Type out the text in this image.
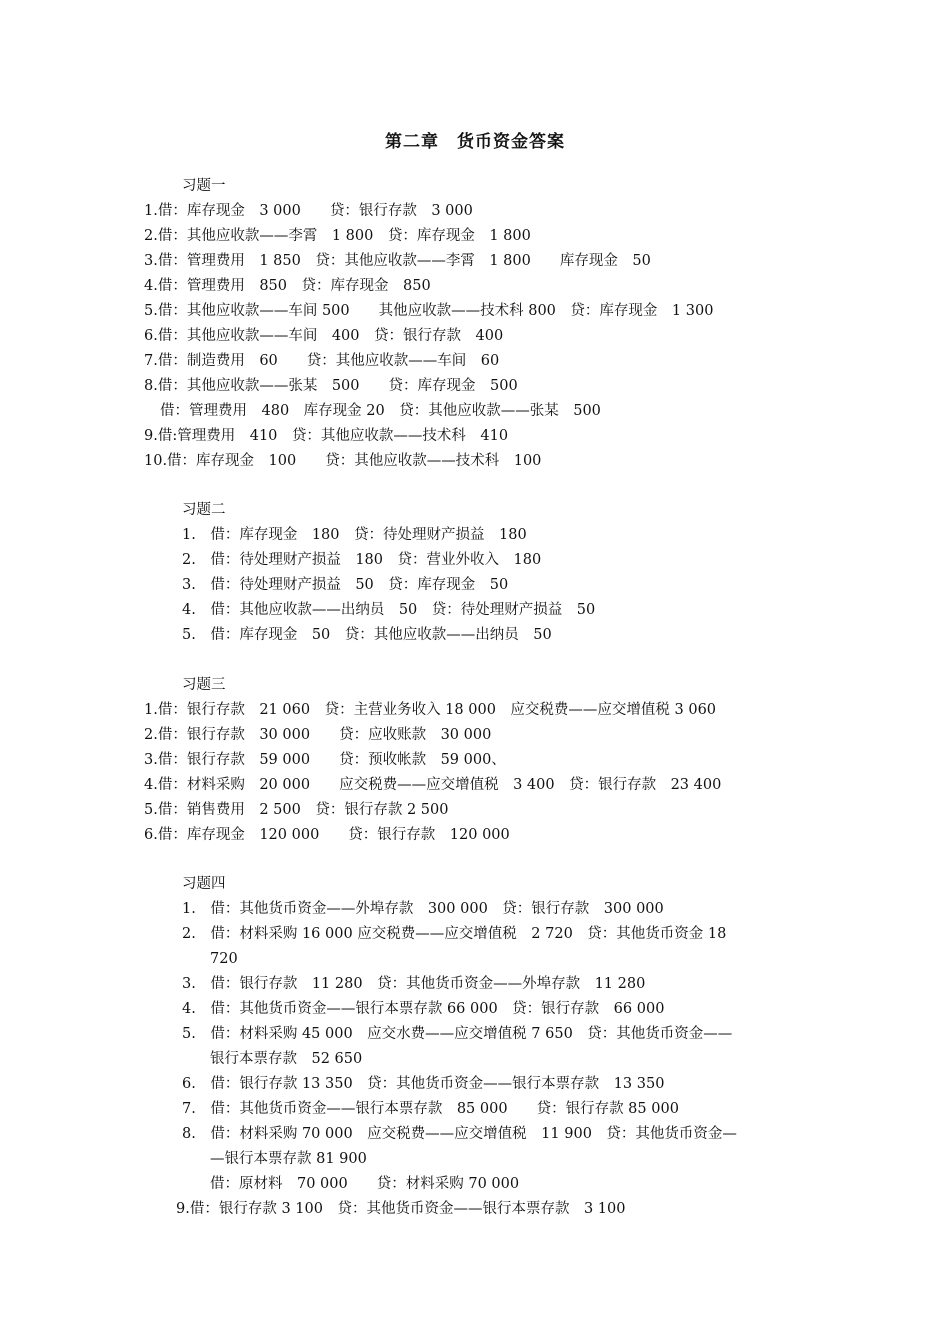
第二章　货币资金答案
习题一
1.借：库存现金　3 000　　贷：银行存款　3 000
2.借：其他应收款——李霄　1 800　贷：库存现金　1 800
3.借：管理费用　1 850　贷：其他应收款——李霄　1 800　　库存现金　50
4.借：管理费用　850　贷：库存现金　850
5.借：其他应收款——车间 500　　其他应收款——技术科 800　贷：库存现金　1 300
6.借：其他应收款——车间　400　贷：银行存款　400
7.借：制造费用　60　　贷：其他应收款——车间　60
8.借：其他应收款——张某　500　　贷：库存现金　500
借：管理费用　480　库存现金 20　贷：其他应收款——张某　500
9.借:管理费用　410　贷：其他应收款——技术科　410
10.借：库存现金　100　　贷：其他应收款——技术科　100
习题二
1.　借：库存现金　180　贷：待处理财产损益　180
2.　借：待处理财产损益　180　贷：营业外收入　180
3.　借：待处理财产损益　50　贷：库存现金　50
4.　借：其他应收款——出纳员　50　贷：待处理财产损益　50
5.　借：库存现金　50　贷：其他应收款——出纳员　50
习题三
1.借：银行存款　21 060　贷：主营业务收入 18 000　应交税费——应交增值税 3 060
2.借：银行存款　30 000　　贷：应收账款　30 000
3.借：银行存款　59 000　　贷：预收帐款　59 000、
4.借：材料采购　20 000　　应交税费——应交增值税　3 400　贷：银行存款　23 400
5.借：销售费用　2 500　贷：银行存款 2 500
6.借：库存现金　120 000　　贷：银行存款　120 000
习题四
1.　借：其他货币资金——外埠存款　300 000　贷：银行存款　300 000
2.　借：材料采购 16 000 应交税费——应交增值税　2 720　贷：其他货币资金 18
720
3.　借：银行存款　11 280　贷：其他货币资金——外埠存款　11 280
4.　借：其他货币资金——银行本票存款 66 000　贷：银行存款　66 000
5.　借：材料采购 45 000　应交水费——应交增值税 7 650　贷：其他货币资金——
银行本票存款　52 650
6.　借：银行存款 13 350　贷：其他货币资金——银行本票存款　13 350
7.　借：其他货币资金——银行本票存款　85 000　　贷：银行存款 85 000
8.　借：材料采购 70 000　应交税费——应交增值税　11 900　贷：其他货币资金—
—银行本票存款 81 900
借：原材料　70 000　　贷：材料采购 70 000
9.借：银行存款 3 100　贷：其他货币资金——银行本票存款　3 100
